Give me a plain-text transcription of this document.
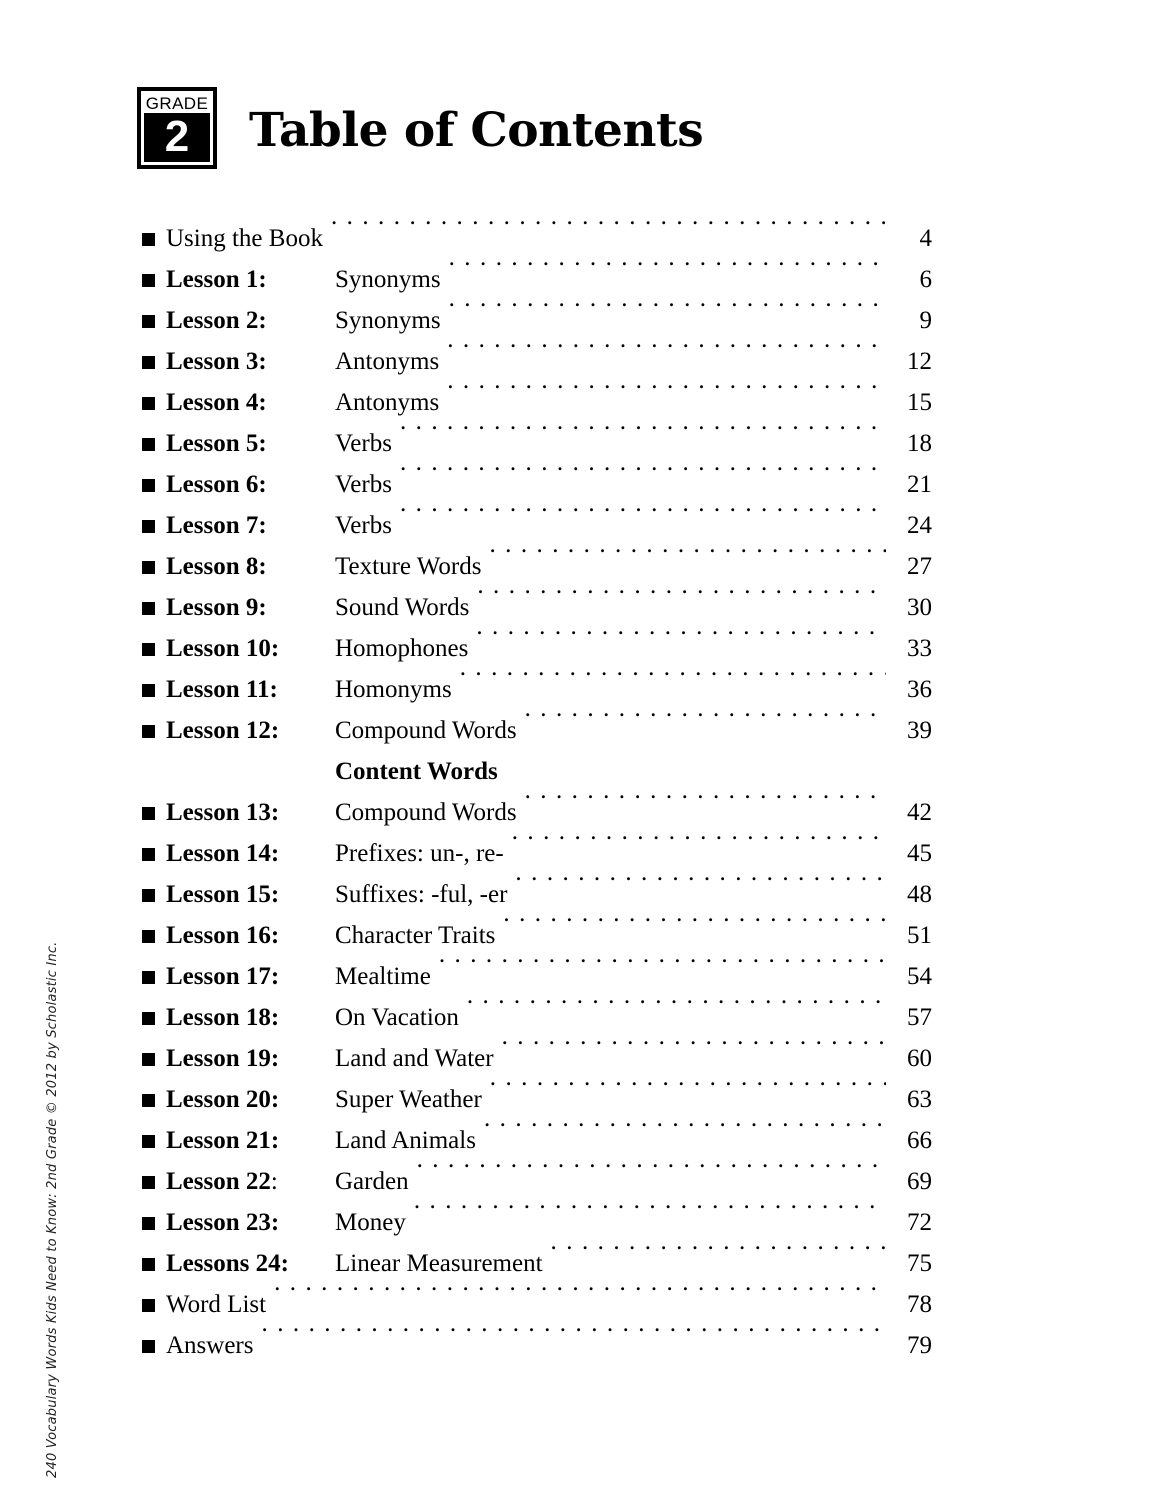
GRADE
2	Table of Contents
Using the Book . . .	4
Lesson 1:	Synonyms . . .	6
Lesson 2:	Synonyms . . .	9
Lesson 3:	Antonyms . . .	12
Lesson 4:	Antonyms . . .	15
Lesson 5:	Verbs . . .	18
Lesson 6:	Verbs . . .	21
Lesson 7:	Verbs . . .	24
Lesson 8:	Texture Words . . .	27
Lesson 9:	Sound Words . . .	30
Lesson 10:	Homophones . . .	33
Lesson 11:	Homonyms . . .	36
Lesson 12:	Compound Words . . .	39
Content Words
Lesson 13:	Compound Words . . .	42
Lesson 14:	Prefixes: un-, re- . . .	45
Lesson 15:	Suffixes: -ful, -er . . .	48
Lesson 16:	Character Traits . . .	51
Lesson 17:	Mealtime . . .	54
Lesson 18:	On Vacation . . .	57
Lesson 19:	Land and Water . . .	60
Lesson 20:	Super Weather . . .	63
Lesson 21:	Land Animals . . .	66
Lesson 22:	Garden . . .	69
Lesson 23:	Money . . .	72
Lessons 24:	Linear Measurement . . .	75
Word List . . .	78
Answers . . .	79
240 Vocabulary Words Kids Need to Know: 2nd Grade © 2012 by Scholastic Inc.
